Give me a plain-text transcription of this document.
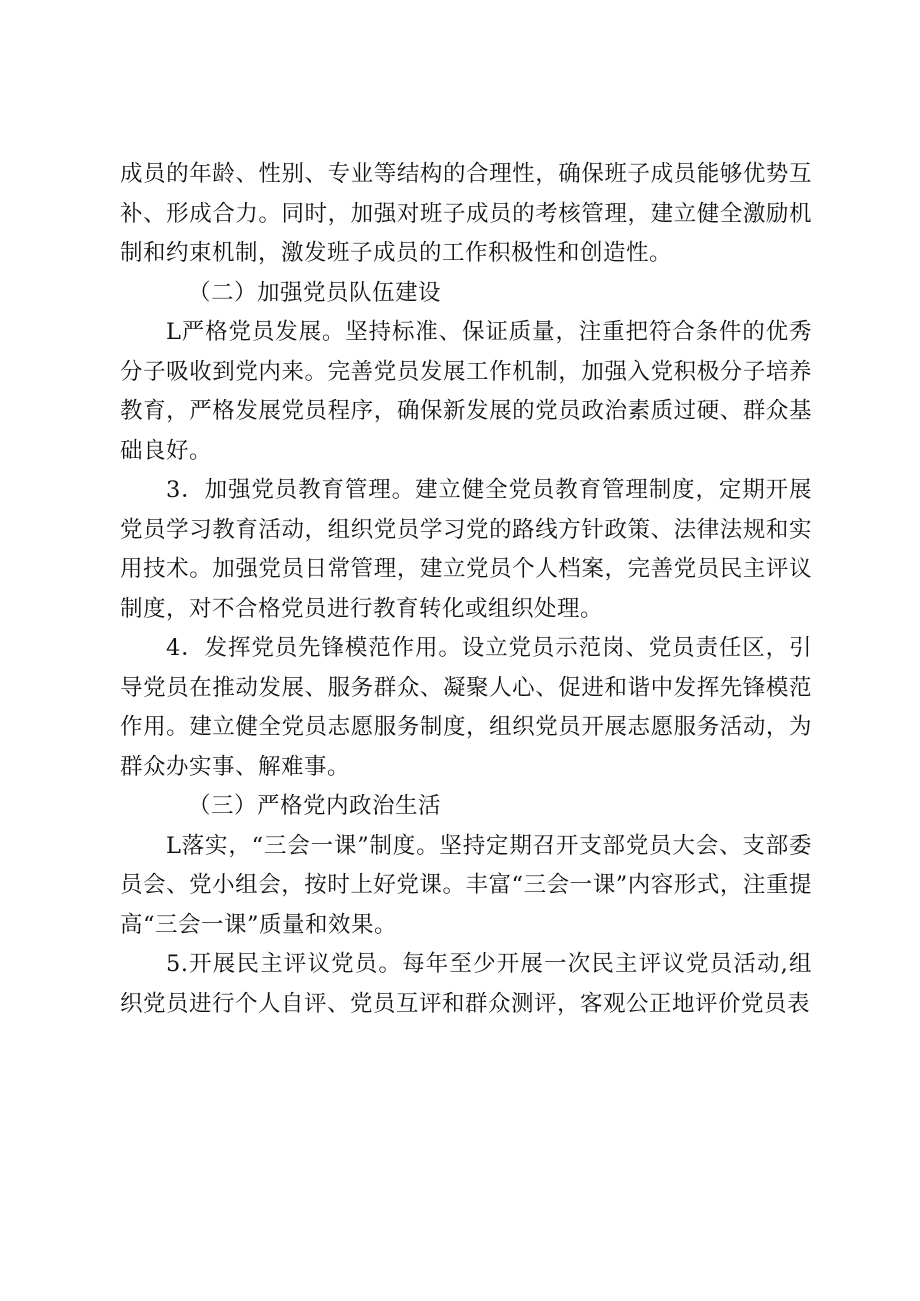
成员的年龄、性别、专业等结构的合理性，确保班子成员能够优势互补、形成合力。同时，加强对班子成员的考核管理，建立健全激励机制和约束机制，激发班子成员的工作积极性和创造性。

（二）加强党员队伍建设

L严格党员发展。坚持标准、保证质量，注重把符合条件的优秀分子吸收到党内来。完善党员发展工作机制，加强入党积极分子培养教育，严格发展党员程序，确保新发展的党员政治素质过硬、群众基础良好。

3．加强党员教育管理。建立健全党员教育管理制度，定期开展党员学习教育活动，组织党员学习党的路线方针政策、法律法规和实用技术。加强党员日常管理，建立党员个人档案，完善党员民主评议制度，对不合格党员进行教育转化或组织处理。

4．发挥党员先锋模范作用。设立党员示范岗、党员责任区，引导党员在推动发展、服务群众、凝聚人心、促进和谐中发挥先锋模范作用。建立健全党员志愿服务制度，组织党员开展志愿服务活动，为群众办实事、解难事。

（三）严格党内政治生活

L落实，“三会一课”制度。坚持定期召开支部党员大会、支部委员会、党小组会，按时上好党课。丰富“三会一课”内容形式，注重提高“三会一课”质量和效果。

5.开展民主评议党员。每年至少开展一次民主评议党员活动,组织党员进行个人自评、党员互评和群众测评，客观公正地评价党员表
